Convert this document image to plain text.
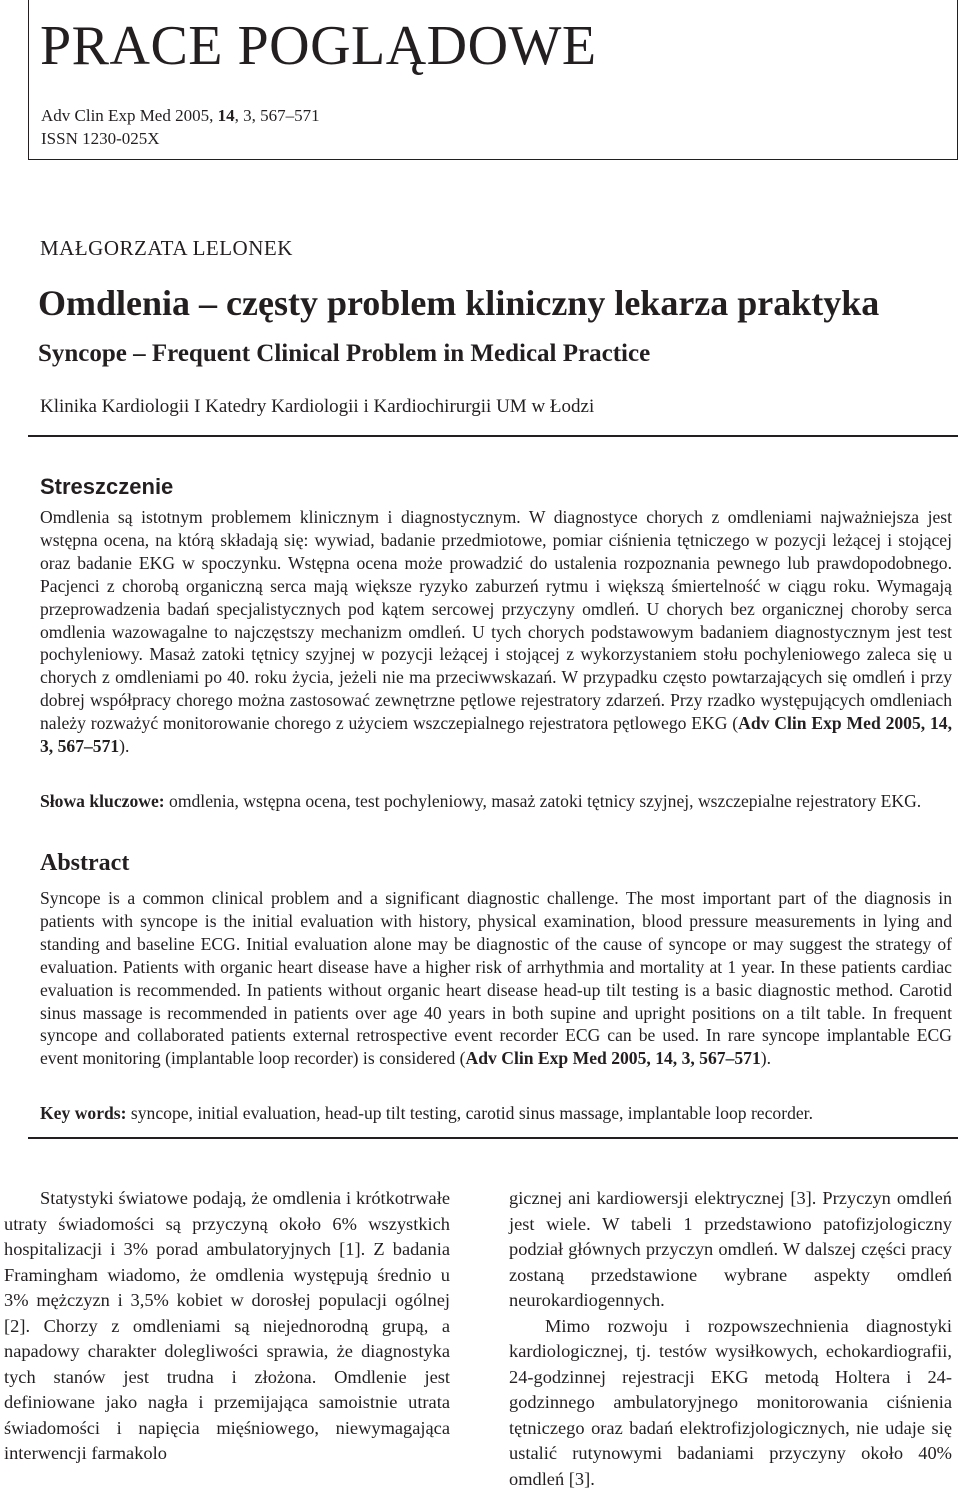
PRACE POGLĄDOWE
Adv Clin Exp Med 2005, 14, 3, 567–571
ISSN 1230-025X
MAŁGORZATA LELONEK
Omdlenia – częsty problem kliniczny lekarza praktyka
Syncope – Frequent Clinical Problem in Medical Practice
Klinika Kardiologii I Katedry Kardiologii i Kardiochirurgii UM w Łodzi
Streszczenie
Omdlenia są istotnym problemem klinicznym i diagnostycznym. W diagnostyce chorych z omdleniami najważniejsza jest wstępna ocena, na którą składają się: wywiad, badanie przedmiotowe, pomiar ciśnienia tętniczego w pozycji leżącej i stojącej oraz badanie EKG w spoczynku. Wstępna ocena może prowadzić do ustalenia rozpoznania pewnego lub prawdopodobnego. Pacjenci z chorobą organiczną serca mają większe ryzyko zaburzeń rytmu i większą śmiertelność w ciągu roku. Wymagają przeprowadzenia badań specjalistycznych pod kątem sercowej przyczyny omdleń. U chorych bez organicznej choroby serca omdlenia wazowagalne to najczęstszy mechanizm omdleń. U tych chorych podstawowym badaniem diagnostycznym jest test pochyleniowy. Masaż zatoki tętnicy szyjnej w pozycji leżącej i stojącej z wykorzystaniem stołu pochyleniowego zaleca się u chorych z omdleniami po 40. roku życia, jeżeli nie ma przeciwwskazań. W przypadku często powtarzających się omdleń i przy dobrej współpracy chorego można zastosować zewnętrzne pętlowe rejestratory zdarzeń. Przy rzadko występujących omdleniach należy rozważyć monitorowanie chorego z użyciem wszczepialnego rejestratora pętlowego EKG (Adv Clin Exp Med 2005, 14, 3, 567–571).
Słowa kluczowe: omdlenia, wstępna ocena, test pochyleniowy, masaż zatoki tętnicy szyjnej, wszczepialne rejestratory EKG.
Abstract
Syncope is a common clinical problem and a significant diagnostic challenge. The most important part of the diagnosis in patients with syncope is the initial evaluation with history, physical examination, blood pressure measurements in lying and standing and baseline ECG. Initial evaluation alone may be diagnostic of the cause of syncope or may suggest the strategy of evaluation. Patients with organic heart disease have a higher risk of arrhythmia and mortality at 1 year. In these patients cardiac evaluation is recommended. In patients without organic heart disease head-up tilt testing is a basic diagnostic method. Carotid sinus massage is recommended in patients over age 40 years in both supine and upright positions on a tilt table. In frequent syncope and collaborated patients external retrospective event recorder ECG can be used. In rare syncope implantable ECG event monitoring (implantable loop recorder) is considered (Adv Clin Exp Med 2005, 14, 3, 567–571).
Key words: syncope, initial evaluation, head-up tilt testing, carotid sinus massage, implantable loop recorder.

Statystyki światowe podają, że omdlenia i krótkotrwałe utraty świadomości są przyczyną około 6% wszystkich hospitalizacji i 3% porad ambulatoryjnych [1]. Z badania Framingham wiadomo, że omdlenia występują średnio u 3% mężczyzn i 3,5% kobiet w dorosłej populacji ogólnej [2]. Chorzy z omdleniami są niejednorodną grupą, a napadowy charakter dolegliwości sprawia, że diagnostyka tych stanów jest trudna i złożona. Omdlenie jest definiowane jako nagła i przemijająca samoistnie utrata świadomości i napięcia mięśniowego, niewymagająca interwencji farmakolo

gicznej ani kardiowersji elektrycznej [3]. Przyczyn omdleń jest wiele. W tabeli 1 przedstawiono patofizjologiczny podział głównych przyczyn omdleń. W dalszej części pracy zostaną przedstawione wybrane aspekty omdleń neurokardiogennych.

Mimo rozwoju i rozpowszechnienia diagnostyki kardiologicznej, tj. testów wysiłkowych, echokardiografii, 24-godzinnej rejestracji EKG metodą Holtera i 24-godzinnego ambulatoryjnego monitorowania ciśnienia tętniczego oraz badań elektrofizjologicznych, nie udaje się ustalić rutynowymi badaniami przyczyny około 40% omdleń [3].
